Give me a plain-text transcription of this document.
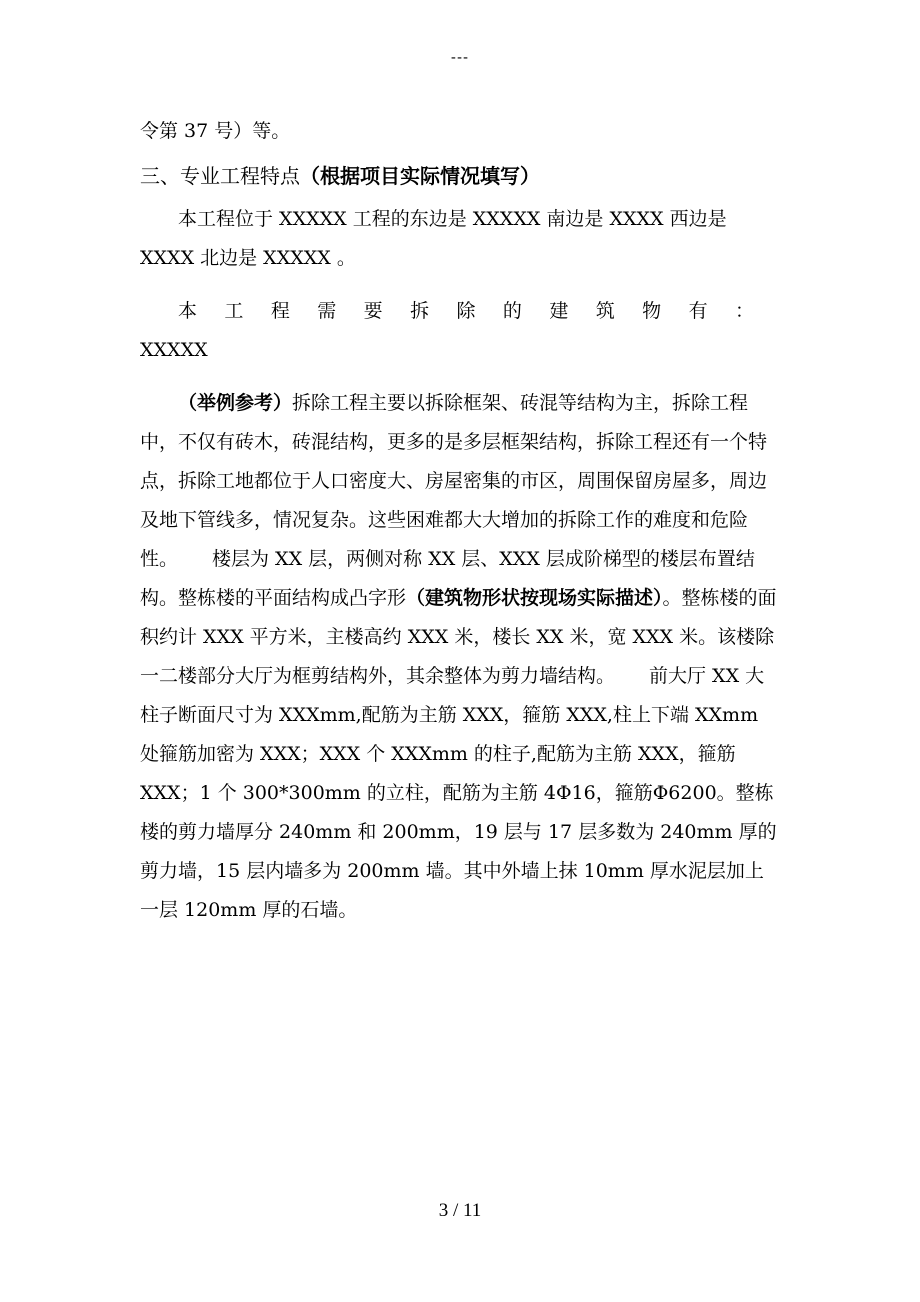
---

令第 37 号）等。

三、专业工程特点（根据项目实际情况填写）

本工程位于 XXXXX 工程的东边是 XXXXX 南边是 XXXX 西边是 XXXX 北边是 XXXXX 。

本工程需要拆除的建筑物有：

XXXXX

（举例参考）拆除工程主要以拆除框架、砖混等结构为主，拆除工程中，不仅有砖木，砖混结构，更多的是多层框架结构，拆除工程还有一个特点，拆除工地都位于人口密度大、房屋密集的市区，周围保留房屋多，周边及地下管线多，情况复杂。这些困难都大大增加的拆除工作的难度和危险性。 楼层为 XX 层，两侧对称 XX 层、XXX 层成阶梯型的楼层布置结构。整栋楼的平面结构成凸字形（建筑物形状按现场实际描述）。整栋楼的面积约计 XXX 平方米，主楼高约 XXX 米，楼长 XX 米，宽 XXX 米。该楼除一二楼部分大厅为框剪结构外，其余整体为剪力墙结构。 前大厅 XX 大柱子断面尺寸为 XXXmm,配筋为主筋 XXX，箍筋 XXX,柱上下端 XXmm 处箍筋加密为 XXX；XXX 个 XXXmm 的柱子,配筋为主筋 XXX，箍筋 XXX；1 个 300*300mm 的立柱，配筋为主筋 4Φ16，箍筋Φ6200。整栋楼的剪力墙厚分 240mm 和 200mm，19 层与 17 层多数为 240mm 厚的剪力墙，15 层内墙多为 200mm 墙。其中外墙上抹 10mm 厚水泥层加上一层 120mm 厚的石墙。

3 / 11
